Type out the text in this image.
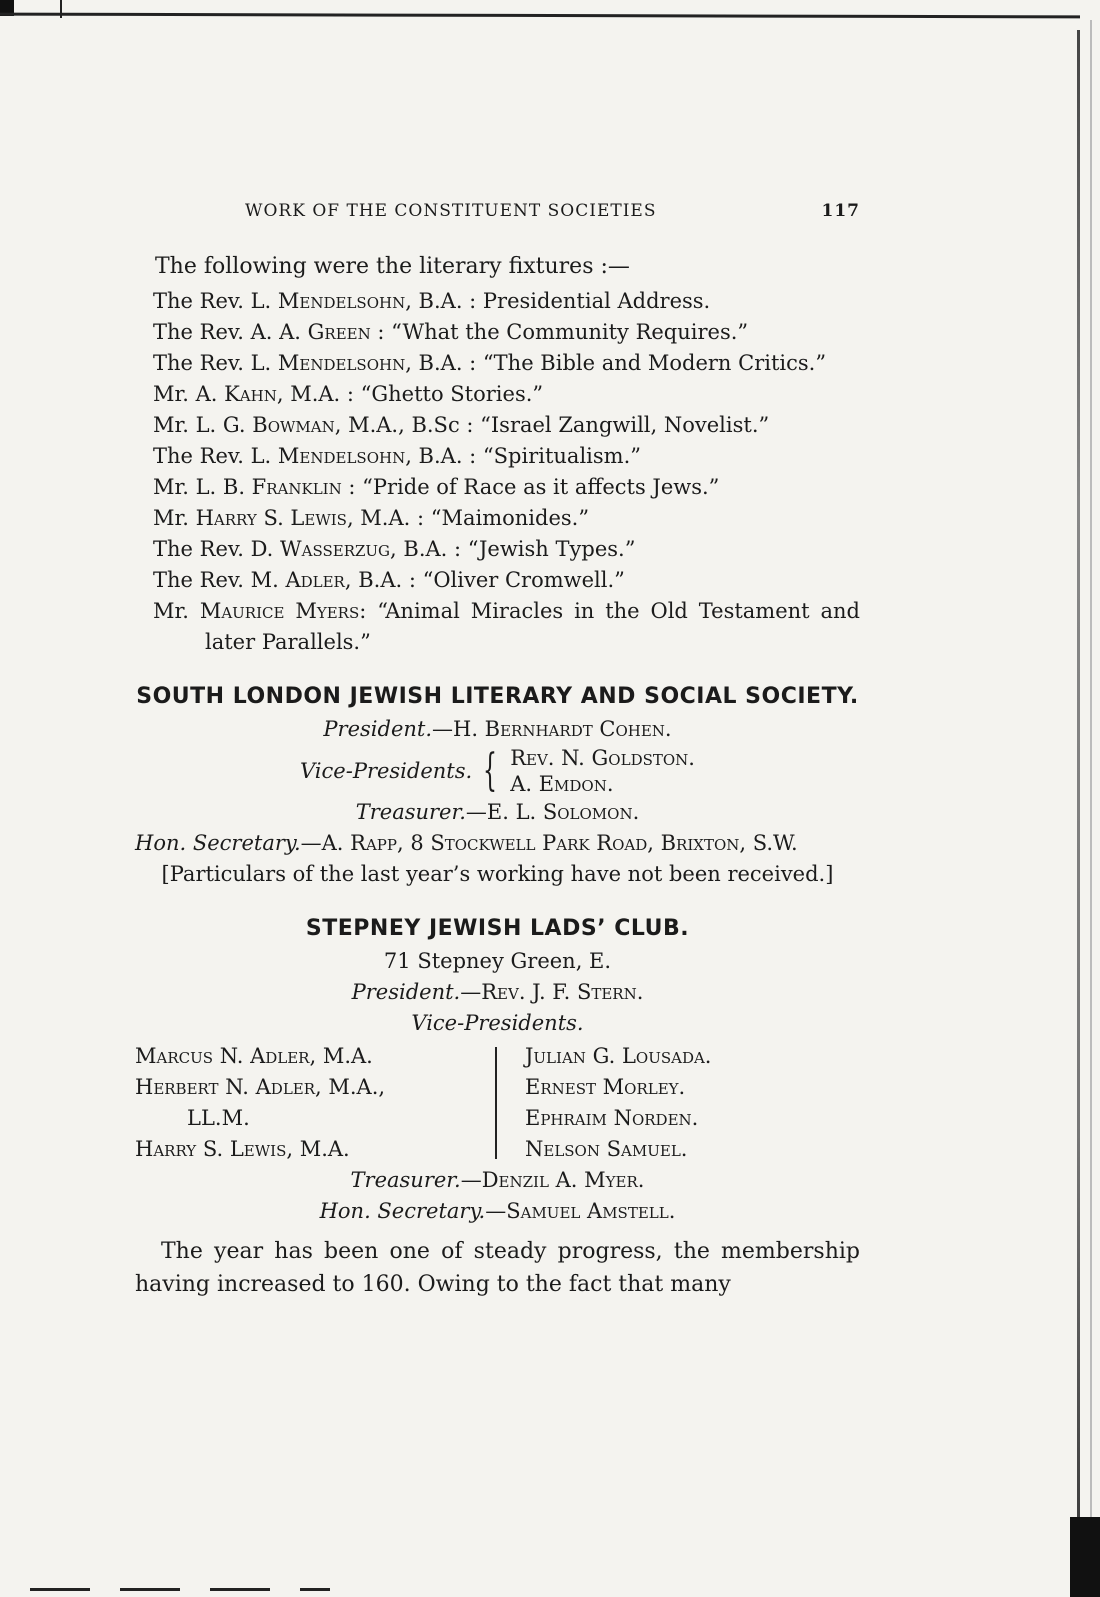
WORK OF THE CONSTITUENT SOCIETIES	117
The following were the literary fixtures :—
The Rev. L. Mendelsohn, B.A. : Presidential Address.
The Rev. A. A. Green : “What the Community Requires.”
The Rev. L. Mendelsohn, B.A. : “The Bible and Modern Critics.”
Mr. A. Kahn, M.A. : “Ghetto Stories.”
Mr. L. G. Bowman, M.A., B.Sc : “Israel Zangwill, Novelist.”
The Rev. L. Mendelsohn, B.A. : “Spiritualism.”
Mr. L. B. Franklin : “Pride of Race as it affects Jews.”
Mr. Harry S. Lewis, M.A. : “Maimonides.”
The Rev. D. Wasserzug, B.A. : “Jewish Types.”
The Rev. M. Adler, B.A. : “Oliver Cromwell.”
Mr. Maurice Myers: “Animal Miracles in the Old Testament and later Parallels.”
SOUTH LONDON JEWISH LITERARY AND SOCIAL SOCIETY.
President.—H. Bernhardt Cohen.
Vice-Presidents. { Rev. N. Goldston.
A. Emdon.
Treasurer.—E. L. Solomon.
Hon. Secretary.—A. Rapp, 8 Stockwell Park Road, Brixton, S.W.
[Particulars of the last year’s working have not been received.]
STEPNEY JEWISH LADS’ CLUB.
71 Stepney Green, E.
President.—Rev. J. F. Stern.
Vice-Presidents.
Marcus N. Adler, M.A.
Herbert N. Adler, M.A.,
LL.M.
Harry S. Lewis, M.A.
Julian G. Lousada.
Ernest Morley.
Ephraim Norden.
Nelson Samuel.
Treasurer.—Denzil A. Myer.
Hon. Secretary.—Samuel Amstell.
The year has been one of steady progress, the membership having increased to 160. Owing to the fact that many
